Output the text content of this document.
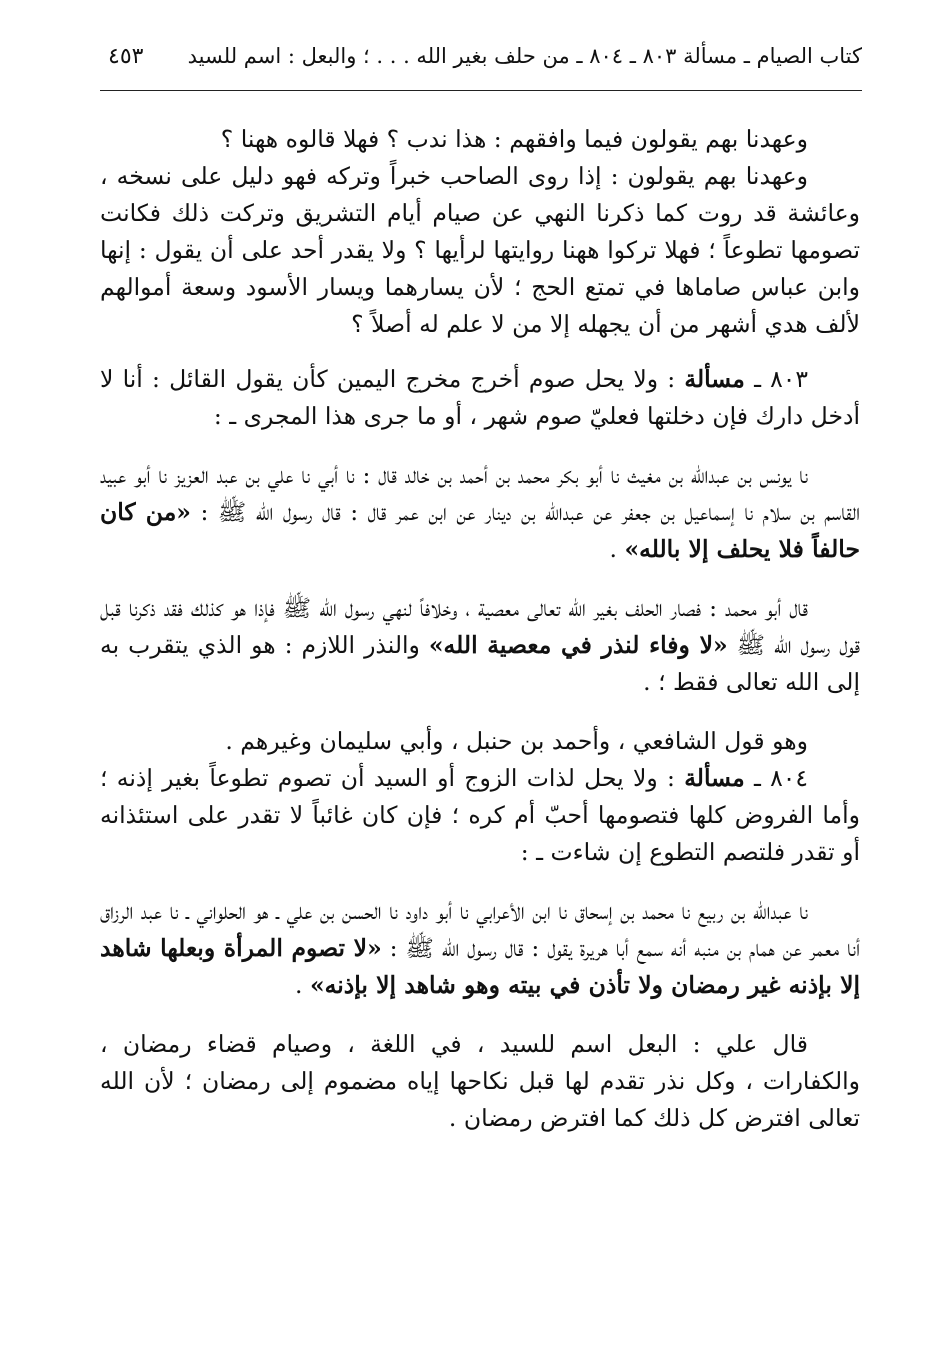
كتاب الصيام ـ مسألة ٨٠٣ ـ ٨٠٤ ـ من حلف بغير الله . . . ؛ والبعل : اسم للسيد
٤٥٣

وعهدنا بهم يقولون فيما وافقهم : هذا ندب ؟ فهلا قالوه ههنا ؟

وعهدنا بهم يقولون : إذا روى الصاحب خبراً وتركه فهو دليل على نسخه ، وعائشة قد روت كما ذكرنا النهي عن صيام أيام التشريق وتركت ذلك فكانت تصومها تطوعاً ؛ فهلا تركوا ههنا روايتها لرأيها ؟ ولا يقدر أحد على أن يقول : إنها وابن عباس صاماها في تمتع الحج ؛ لأن يسارهما ويسار الأسود وسعة أموالهم لألف هدي أشهر من أن يجهله إلا من لا علم له أصلاً ؟

٨٠٣ ـ مسألة : ولا يحل صوم أخرج مخرج اليمين كأن يقول القائل : أنا لا أدخل دارك فإن دخلتها فعليّ صوم شهر ، أو ما جرى هذا المجرى ـ :

نا يونس بن عبدالله بن مغيث نا أبو بكر محمد بن أحمد بن خالد قال : نا أبي نا علي بن عبد العزيز نا أبو عبيد القاسم بن سلام نا إسماعيل بن جعفر عن عبدالله بن دينار عن ابن عمر قال : قال رسول الله ﷺ : «من كان حالفاً فلا يحلف إلا بالله» .

قال أبو محمد : فصار الحلف بغير الله تعالى معصية ، وخلافاً لنهي رسول الله ﷺ فإذا هو كذلك فقد ذكرنا قبل قول رسول الله ﷺ «لا وفاء لنذر في معصية الله» والنذر اللازم : هو الذي يتقرب به إلى الله تعالى فقط ؛ .

وهو قول الشافعي ، وأحمد بن حنبل ، وأبي سليمان وغيرهم .

٨٠٤ ـ مسألة : ولا يحل لذات الزوج أو السيد أن تصوم تطوعاً بغير إذنه ؛ وأما الفروض كلها فتصومها أحبّ أم كره ؛ فإن كان غائباً لا تقدر على استئذانه أو تقدر فلتصم التطوع إن شاءت ـ :

نا عبدالله بن ربيع نا محمد بن إسحاق نا ابن الأعرابي نا أبو داود نا الحسن بن علي ـ هو الحلواني ـ نا عبد الرزاق أنا معمر عن همام بن منبه أنه سمع أبا هريرة يقول : قال رسول الله ﷺ : «لا تصوم المرأة وبعلها شاهد إلا بإذنه غير رمضان ولا تأذن في بيته وهو شاهد إلا بإذنه» .

قال علي : البعل اسم للسيد ، في اللغة ، وصيام قضاء رمضان ، والكفارات ، وكل نذر تقدم لها قبل نكاحها إياه مضموم إلى رمضان ؛ لأن الله تعالى افترض كل ذلك كما افترض رمضان .
